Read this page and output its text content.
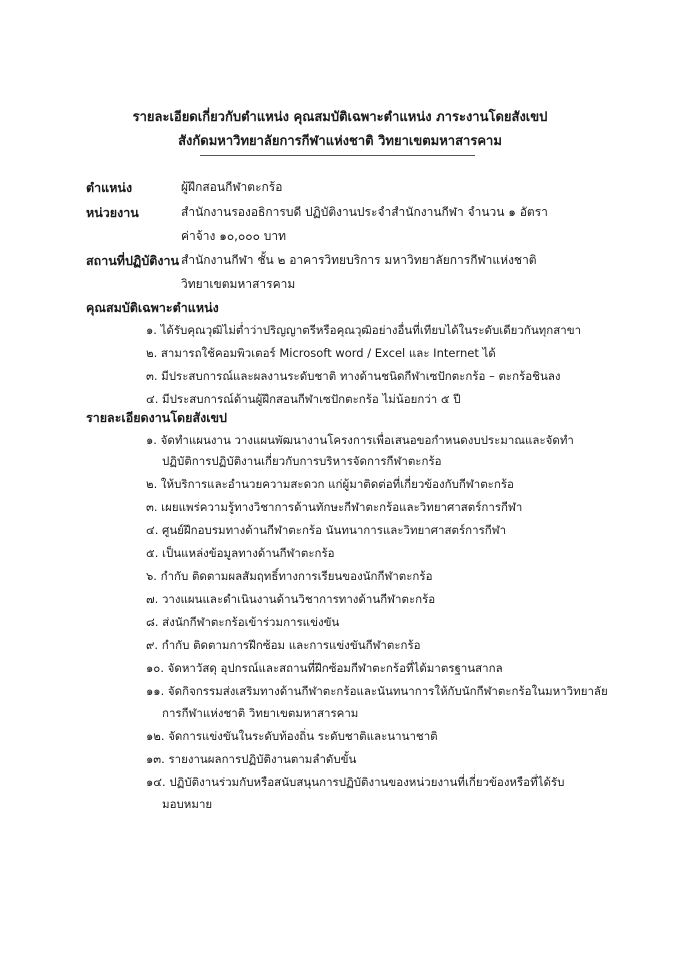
รายละเอียดเกี่ยวกับตำแหน่ง คุณสมบัติเฉพาะตำแหน่ง ภาระงานโดยสังเขป
สังกัดมหาวิทยาลัยการกีฬาแห่งชาติ วิทยาเขตมหาสารคาม
ตำแหน่ง	ผู้ฝึกสอนกีฬาตะกร้อ
หน่วยงาน	สำนักงานรองอธิการบดี ปฏิบัติงานประจำสำนักงานกีฬา จำนวน ๑ อัตรา
ค่าจ้าง ๑๐,๐๐๐ บาท
สถานที่ปฏิบัติงาน สำนักงานกีฬา ชั้น ๒ อาคารวิทยบริการ มหาวิทยาลัยการกีฬาแห่งชาติ
วิทยาเขตมหาสารคาม
คุณสมบัติเฉพาะตำแหน่ง
๑. ได้รับคุณวุฒิไม่ต่ำว่าปริญญาตรีหรือคุณวุฒิอย่างอื่นที่เทียบได้ในระดับเดียวกันทุกสาขา
๒. สามารถใช้คอมพิวเตอร์ Microsoft word / Excel และ Internet ได้
๓. มีประสบการณ์และผลงานระดับชาติ ทางด้านชนิดกีฬาเซปักตะกร้อ – ตะกร้อชินลง
๔. มีประสบการณ์ด้านผู้ฝึกสอนกีฬาเซปักตะกร้อ ไม่น้อยกว่า ๕ ปี
รายละเอียดงานโดยสังเขป
๑. จัดทำแผนงาน วางแผนพัฒนางานโครงการเพื่อเสนอขอกำหนดงบประมาณและจัดทำ
ปฏิบัติการปฏิบัติงานเกี่ยวกับการบริหารจัดการกีฬาตะกร้อ
๒. ให้บริการและอำนวยความสะดวก แก่ผู้มาติดต่อที่เกี่ยวข้องกับกีฬาตะกร้อ
๓. เผยแพร่ความรู้ทางวิชาการด้านทักษะกีฬาตะกร้อและวิทยาศาสตร์การกีฬา
๔. ศูนย์ฝึกอบรมทางด้านกีฬาตะกร้อ นันทนาการและวิทยาศาสตร์การกีฬา
๕. เป็นแหล่งข้อมูลทางด้านกีฬาตะกร้อ
๖. กำกับ ติดตามผลสัมฤทธิ์ทางการเรียนของนักกีฬาตะกร้อ
๗. วางแผนและดำเนินงานด้านวิชาการทางด้านกีฬาตะกร้อ
๘. ส่งนักกีฬาตะกร้อเข้าร่วมการแข่งขัน
๙. กำกับ ติดตามการฝึกซ้อม และการแข่งขันกีฬาตะกร้อ
๑๐. จัดหาวัสดุ อุปกรณ์และสถานที่ฝึกซ้อมกีฬาตะกร้อที่ได้มาตรฐานสากล
๑๑. จัดกิจกรรมส่งเสริมทางด้านกีฬาตะกร้อและนันทนาการให้กับนักกีฬาตะกร้อในมหาวิทยาลัย
การกีฬาแห่งชาติ วิทยาเขตมหาสารคาม
๑๒. จัดการแข่งขันในระดับท้องถิ่น ระดับชาติและนานาชาติ
๑๓. รายงานผลการปฏิบัติงานตามลำดับขั้น
๑๔. ปฏิบัติงานร่วมกับหรือสนับสนุนการปฏิบัติงานของหน่วยงานที่เกี่ยวข้องหรือที่ได้รับ
มอบหมาย
